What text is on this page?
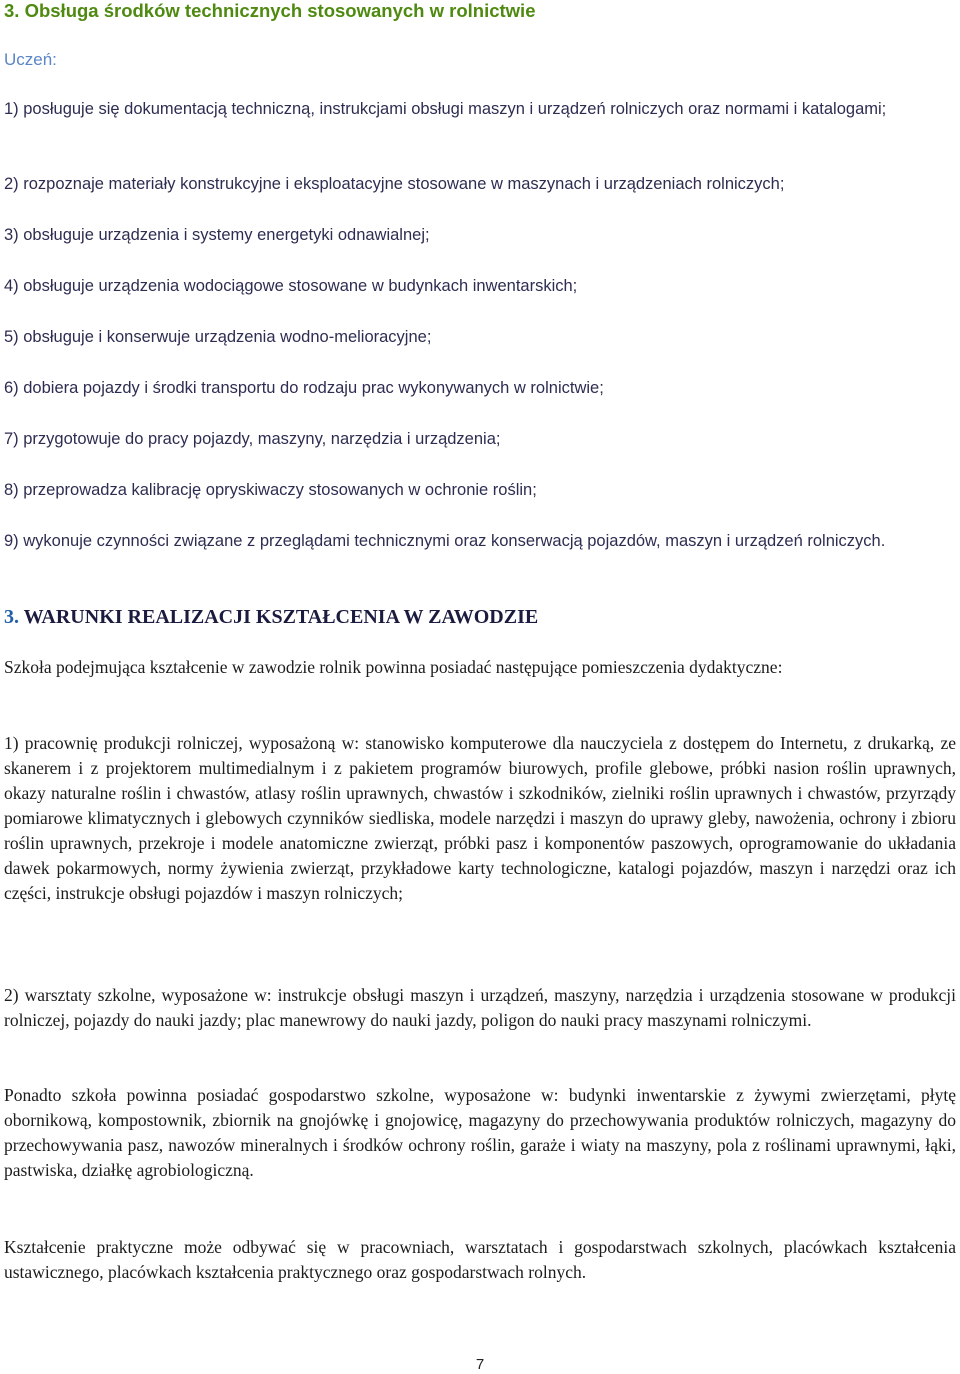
3. Obsługa środków technicznych stosowanych w rolnictwie
Uczeń:

1) posługuje się dokumentacją techniczną, instrukcjami obsługi maszyn i urządzeń rolniczych oraz normami i katalogami;

2) rozpoznaje materiały konstrukcyjne i eksploatacyjne stosowane w maszynach i urządzeniach rolniczych;

3) obsługuje urządzenia i systemy energetyki odnawialnej;

4) obsługuje urządzenia wodociągowe stosowane w budynkach inwentarskich;

5) obsługuje i konserwuje urządzenia wodno-melioracyjne;

6) dobiera pojazdy i środki transportu do rodzaju prac wykonywanych w rolnictwie;

7) przygotowuje do pracy pojazdy, maszyny, narzędzia i urządzenia;

8) przeprowadza kalibrację opryskiwaczy stosowanych w ochronie roślin;

9) wykonuje czynności związane z przeglądami technicznymi oraz konserwacją pojazdów, maszyn i urządzeń rolniczych.

3. WARUNKI REALIZACJI KSZTAŁCENIA W ZAWODZIE

Szkoła podejmująca kształcenie w zawodzie rolnik powinna posiadać następujące pomieszczenia dydaktyczne:

1) pracownię produkcji rolniczej, wyposażoną w: stanowisko komputerowe dla nauczyciela z dostępem do Internetu, z drukarką, ze skanerem i z projektorem multimedialnym i z pakietem programów biurowych, profile glebowe, próbki nasion roślin uprawnych, okazy naturalne roślin i chwastów, atlasy roślin uprawnych, chwastów i szkodników, zielniki roślin uprawnych i chwastów, przyrządy pomiarowe klimatycznych i glebowych czynników siedliska, modele narzędzi i maszyn do uprawy gleby, nawożenia, ochrony i zbioru roślin uprawnych, przekroje i modele anatomiczne zwierząt, próbki pasz i komponentów paszowych, oprogramowanie do układania dawek pokarmowych, normy żywienia zwierząt, przykładowe karty technologiczne, katalogi pojazdów, maszyn i narzędzi oraz ich części, instrukcje obsługi pojazdów i maszyn rolniczych;

2) warsztaty szkolne, wyposażone w: instrukcje obsługi maszyn i urządzeń, maszyny, narzędzia i urządzenia stosowane w produkcji rolniczej, pojazdy do nauki jazdy; plac manewrowy do nauki jazdy, poligon do nauki pracy maszynami rolniczymi.

Ponadto szkoła powinna posiadać gospodarstwo szkolne, wyposażone w: budynki inwentarskie z żywymi zwierzętami, płytę obornikową, kompostownik, zbiornik na gnojówkę i gnojowicę, magazyny do przechowywania produktów rolniczych, magazyny do przechowywania pasz, nawozów mineralnych i środków ochrony roślin, garaże i wiaty na maszyny, pola z roślinami uprawnymi, łąki, pastwiska, działkę agrobiologiczną.

Kształcenie praktyczne może odbywać się w pracowniach, warsztatach i gospodarstwach szkolnych, placówkach kształcenia ustawicznego, placówkach kształcenia praktycznego oraz gospodarstwach rolnych.

7
